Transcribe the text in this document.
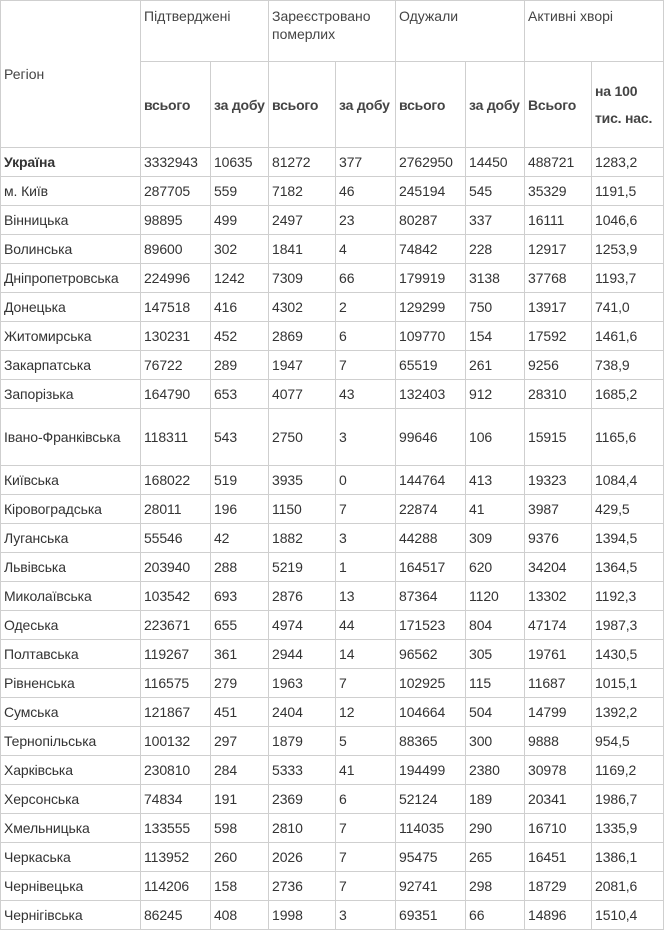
Регіон	Підтверджені		Зареєстровано померлих		Одужали		Активні хворі	
	всього	за добу	всього	за добу	всього	за добу	Всього	на 100 тис. нас.
Україна	3332943	10635	81272	377	2762950	14450	488721	1283,2
м. Київ	287705	559	7182	46	245194	545	35329	1191,5
Вінницька	98895	499	2497	23	80287	337	16111	1046,6
Волинська	89600	302	1841	4	74842	228	12917	1253,9
Дніпропетровська	224996	1242	7309	66	179919	3138	37768	1193,7
Донецька	147518	416	4302	2	129299	750	13917	741,0
Житомирська	130231	452	2869	6	109770	154	17592	1461,6
Закарпатська	76722	289	1947	7	65519	261	9256	738,9
Запорізька	164790	653	4077	43	132403	912	28310	1685,2
Івано-Франківська	118311	543	2750	3	99646	106	15915	1165,6
Київська	168022	519	3935	0	144764	413	19323	1084,4
Кіровоградська	28011	196	1150	7	22874	41	3987	429,5
Луганська	55546	42	1882	3	44288	309	9376	1394,5
Львівська	203940	288	5219	1	164517	620	34204	1364,5
Миколаївська	103542	693	2876	13	87364	1120	13302	1192,3
Одеська	223671	655	4974	44	171523	804	47174	1987,3
Полтавська	119267	361	2944	14	96562	305	19761	1430,5
Рівненська	116575	279	1963	7	102925	115	11687	1015,1
Сумська	121867	451	2404	12	104664	504	14799	1392,2
Тернопільська	100132	297	1879	5	88365	300	9888	954,5
Харківська	230810	284	5333	41	194499	2380	30978	1169,2
Херсонська	74834	191	2369	6	52124	189	20341	1986,7
Хмельницька	133555	598	2810	7	114035	290	16710	1335,9
Черкаська	113952	260	2026	7	95475	265	16451	1386,1
Чернівецька	114206	158	2736	7	92741	298	18729	2081,6
Чернігівська	86245	408	1998	3	69351	66	14896	1510,4
